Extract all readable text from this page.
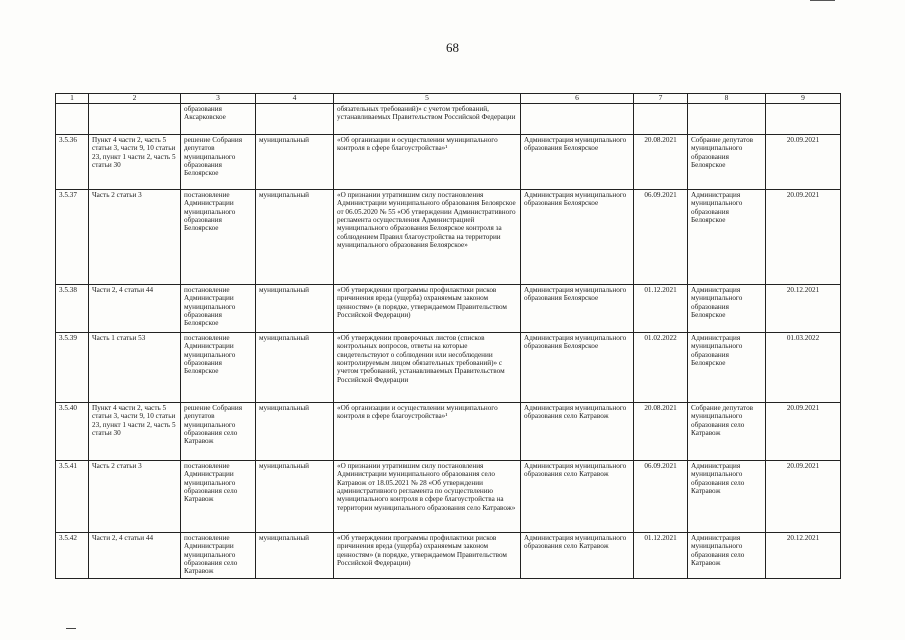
68
1	2	3	4	5	6	7	8	9
		образования Аксарковское		обязательных требований)» с учетом требований, устанавливаемых Правительством Российской Федерации				
3.5.36	Пункт 4 части 2, часть 5 статьи 3, части 9, 10 статьи 23, пункт 1 части 2, часть 5 статьи 30	решение Собрания депутатов муниципального образования Белоярское	муниципальный	«Об организации и осуществлении муниципального контроля в сфере благоустройства»¹	Администрация муниципального образования Белоярское	20.08.2021	Собрание депутатов муниципального образования Белоярское	20.09.2021
3.5.37	Часть 2 статьи 3	постановление Администрации муниципального образования Белоярское	муниципальный	«О признании утратившим силу постановления Администрации муниципального образования Белоярское от 06.05.2020 № 55 «Об утверждении Административного регламента осуществления Администрацией муниципального образования Белоярское контроля за соблюдением Правил благоустройства на территории муниципального образования Белоярское»	Администрация муниципального образования Белоярское	06.09.2021	Администрация муниципального образования Белоярское	20.09.2021
3.5.38	Части 2, 4 статьи 44	постановление Администрации муниципального образования Белоярское	муниципальный	«Об утверждении программы профилактики рисков причинения вреда (ущерба) охраняемым законом ценностям» (в порядке, утверждаемом Правительством Российской Федерации)	Администрация муниципального образования Белоярское	01.12.2021	Администрация муниципального образования Белоярское	20.12.2021
3.5.39	Часть 1 статьи 53	постановление Администрации муниципального образования Белоярское	муниципальный	«Об утверждении проверочных листов (списков контрольных вопросов, ответы на которые свидетельствуют о соблюдении или несоблюдении контролируемым лицом обязательных требований)» с учетом требований, устанавливаемых Правительством Российской Федерации	Администрация муниципального образования Белоярское	01.02.2022	Администрация муниципального образования Белоярское	01.03.2022
3.5.40	Пункт 4 части 2, часть 5 статьи 3, части 9, 10 статьи 23, пункт 1 части 2, часть 5 статьи 30	решение Собрания депутатов муниципального образования село Катравож	муниципальный	«Об организации и осуществлении муниципального контроля в сфере благоустройства»¹	Администрация муниципального образования село Катравож	20.08.2021	Собрание депутатов муниципального образования село Катравож	20.09.2021
3.5.41	Часть 2 статьи 3	постановление Администрации муниципального образования село Катравож	муниципальный	«О признании утратившим силу постановления Администрации муниципального образования село Катравож от 18.05.2021 № 28 «Об утверждении административного регламента по осуществлению муниципального контроля в сфере благоустройства на территории муниципального образования село Катравож»	Администрация муниципального образования село Катравож	06.09.2021	Администрация муниципального образования село Катравож	20.09.2021
3.5.42	Части 2, 4 статьи 44	постановление Администрации муниципального образования село Катравож	муниципальный	«Об утверждении программы профилактики рисков причинения вреда (ущерба) охраняемым законом ценностям» (в порядке, утверждаемом Правительством Российской Федерации)	Администрация муниципального образования село Катравож	01.12.2021	Администрация муниципального образования село Катравож	20.12.2021
